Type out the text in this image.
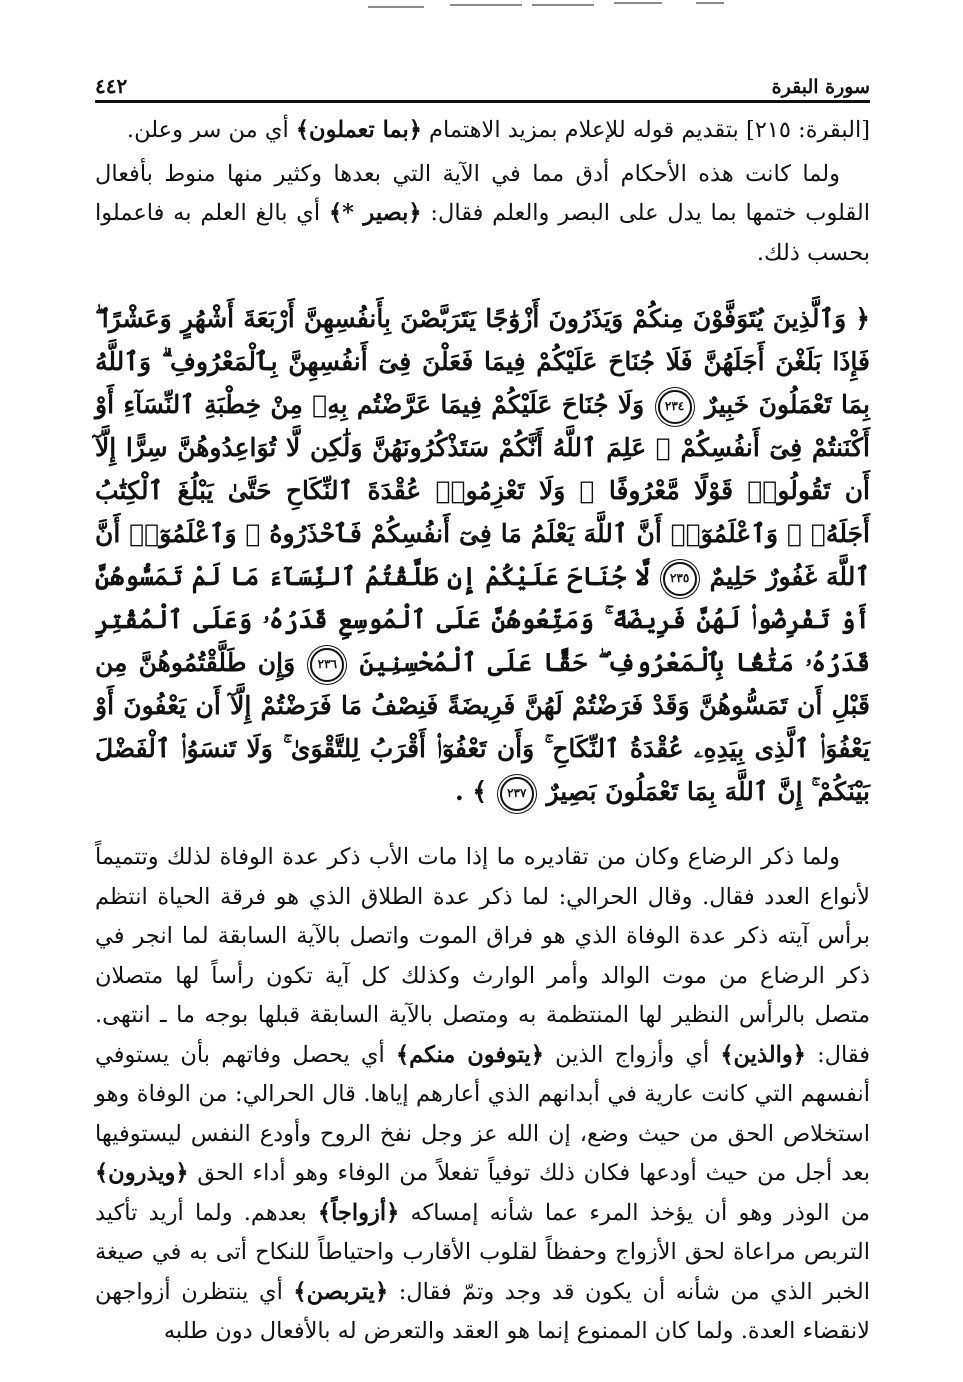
سورة البقرة
٤٤٢

[البقرة: ٢١٥] بتقديم قوله للإعلام بمزيد الاهتمام ﴿بما تعملون﴾ أي من سر وعلن.

ولما كانت هذه الأحكام أدق مما في الآية التي بعدها وكثير منها منوط بأفعال القلوب ختمها بما يدل على البصر والعلم فقال: ﴿بصير *﴾ أي بالغ العلم به فاعملوا بحسب ذلك.

﴿ وَٱلَّذِينَ يُتَوَفَّوْنَ مِنكُمْ وَيَذَرُونَ أَزْوَٰجًا يَتَرَبَّصْنَ بِأَنفُسِهِنَّ أَرْبَعَةَ أَشْهُرٍ وَعَشْرًا ۖ فَإِذَا بَلَغْنَ أَجَلَهُنَّ فَلَا جُنَاحَ عَلَيْكُمْ فِيمَا فَعَلْنَ فِىٓ أَنفُسِهِنَّ بِٱلْمَعْرُوفِ ۗ وَٱللَّهُ بِمَا تَعْمَلُونَ خَبِيرٌ ٢٣٤ وَلَا جُنَاحَ عَلَيْكُمْ فِيمَا عَرَّضْتُم بِهِۦ مِنْ خِطْبَةِ ٱلنِّسَآءِ أَوْ أَكْنَنتُمْ فِىٓ أَنفُسِكُمْ ۚ عَلِمَ ٱللَّهُ أَنَّكُمْ سَتَذْكُرُونَهُنَّ وَلَٰكِن لَّا تُوَاعِدُوهُنَّ سِرًّا إِلَّآ أَن تَقُولُوا۟ قَوْلًا مَّعْرُوفًا ۚ وَلَا تَعْزِمُوا۟ عُقْدَةَ ٱلنِّكَاحِ حَتَّىٰ يَبْلُغَ ٱلْكِتَٰبُ أَجَلَهُۥ ۚ وَٱعْلَمُوٓا۟ أَنَّ ٱللَّهَ يَعْلَمُ مَا فِىٓ أَنفُسِكُمْ فَٱحْذَرُوهُ ۚ وَٱعْلَمُوٓا۟ أَنَّ ٱللَّهَ غَفُورٌ حَلِيمٌ ٢٣٥ لَّا جُنَاحَ عَلَيْكُمْ إِن طَلَّقْتُمُ ٱلنِّسَآءَ مَا لَمْ تَمَسُّوهُنَّ أَوْ تَفْرِضُوا۟ لَهُنَّ فَرِيضَةً ۚ وَمَتِّعُوهُنَّ عَلَى ٱلْمُوسِعِ قَدَرُهُۥ وَعَلَى ٱلْمُقْتِرِ قَدَرُهُۥ مَتَٰعًۢا بِٱلْمَعْرُوفِ ۖ حَقًّا عَلَى ٱلْمُحْسِنِينَ ٢٣٦ وَإِن طَلَّقْتُمُوهُنَّ مِن قَبْلِ أَن تَمَسُّوهُنَّ وَقَدْ فَرَضْتُمْ لَهُنَّ فَرِيضَةً فَنِصْفُ مَا فَرَضْتُمْ إِلَّآ أَن يَعْفُونَ أَوْ يَعْفُوَا۟ ٱلَّذِى بِيَدِهِۦ عُقْدَةُ ٱلنِّكَاحِ ۚ وَأَن تَعْفُوٓا۟ أَقْرَبُ لِلتَّقْوَىٰ ۚ وَلَا تَنسَوُا۟ ٱلْفَضْلَ بَيْنَكُمْ ۚ إِنَّ ٱللَّهَ بِمَا تَعْمَلُونَ بَصِيرٌ ٢٣٧ ﴾ .

ولما ذكر الرضاع وكان من تقاديره ما إذا مات الأب ذكر عدة الوفاة لذلك وتتميماً لأنواع العدد فقال. وقال الحرالي: لما ذكر عدة الطلاق الذي هو فرقة الحياة انتظم برأس آيته ذكر عدة الوفاة الذي هو فراق الموت واتصل بالآية السابقة لما انجر في ذكر الرضاع من موت الوالد وأمر الوارث وكذلك كل آية تكون رأساً لها متصلان متصل بالرأس النظير لها المنتظمة به ومتصل بالآية السابقة قبلها بوجه ما ـ انتهى. فقال: ﴿والذين﴾ أي وأزواج الذين ﴿يتوفون منكم﴾ أي يحصل وفاتهم بأن يستوفي أنفسهم التي كانت عارية في أبدانهم الذي أعارهم إياها. قال الحرالي: من الوفاة وهو استخلاص الحق من حيث وضع، إن الله عز وجل نفخ الروح وأودع النفس ليستوفيها بعد أجل من حيث أودعها فكان ذلك توفياً تفعلاً من الوفاء وهو أداء الحق ﴿ويذرون﴾ من الوذر وهو أن يؤخذ المرء عما شأنه إمساكه ﴿أزواجاً﴾ بعدهم. ولما أريد تأكيد التربص مراعاة لحق الأزواج وحفظاً لقلوب الأقارب واحتياطاً للنكاح أتى به في صيغة الخبر الذي من شأنه أن يكون قد وجد وتمّ فقال: ﴿يتربصن﴾ أي ينتظرن أزواجهن لانقضاء العدة. ولما كان الممنوع إنما هو العقد والتعرض له بالأفعال دون طلبه
